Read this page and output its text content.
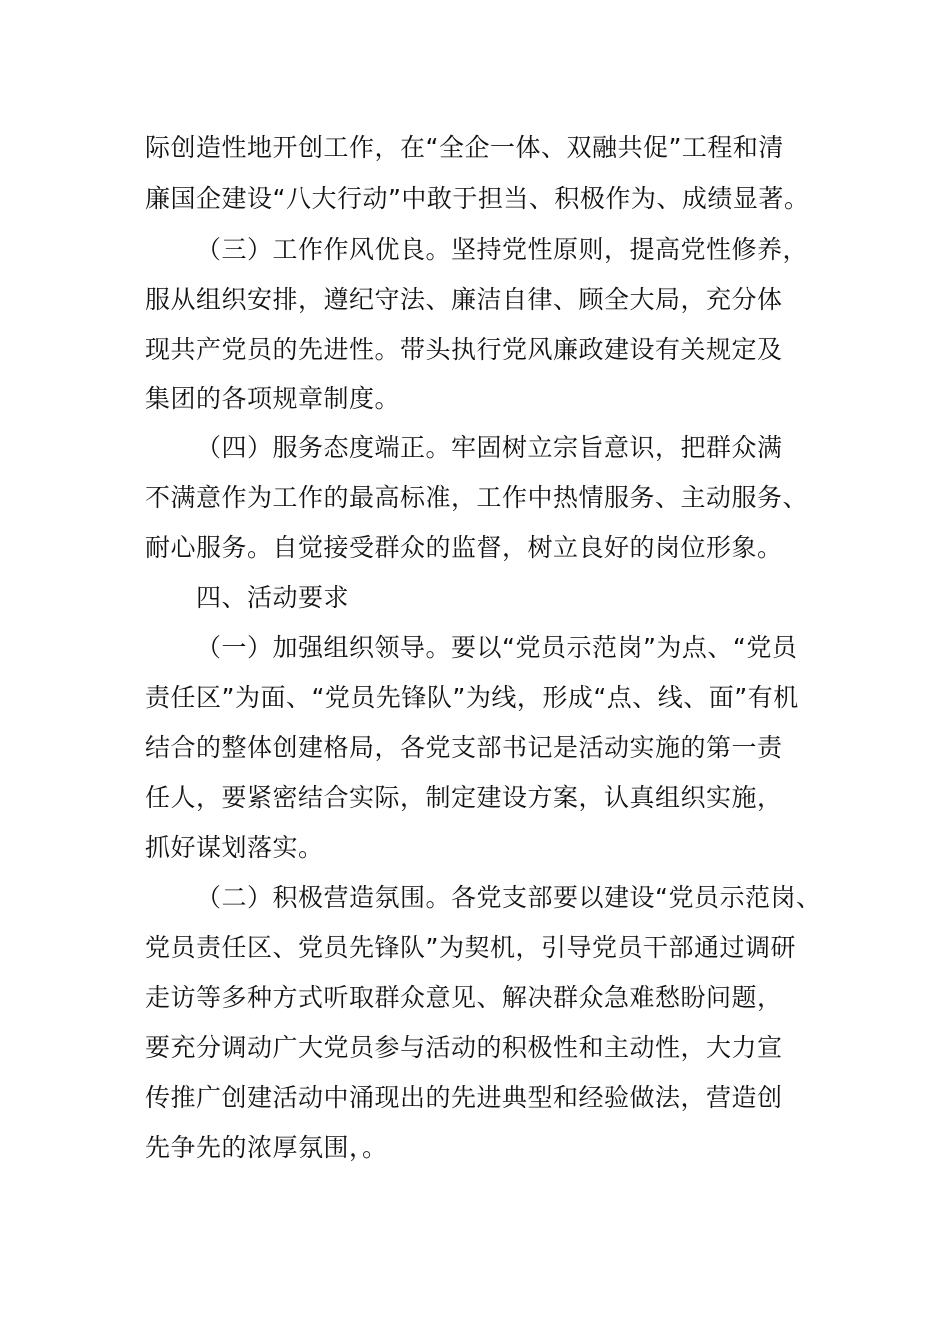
际创造性地开创工作，在“全企一体、双融共促”工程和清
廉国企建设“八大行动”中敢于担当、积极作为、成绩显著。
（三）工作作风优良。坚持党性原则，提高党性修养，
服从组织安排，遵纪守法、廉洁自律、顾全大局，充分体
现共产党员的先进性。带头执行党风廉政建设有关规定及
集团的各项规章制度。
（四）服务态度端正。牢固树立宗旨意识，把群众满
不满意作为工作的最高标准，工作中热情服务、主动服务、
耐心服务。自觉接受群众的监督，树立良好的岗位形象。
四、活动要求
（一）加强组织领导。要以“党员示范岗”为点、“党员
责任区”为面、“党员先锋队”为线，形成“点、线、面”有机
结合的整体创建格局，各党支部书记是活动实施的第一责
任人，要紧密结合实际，制定建设方案，认真组织实施，
抓好谋划落实。
（二）积极营造氛围。各党支部要以建设“党员示范岗、
党员责任区、党员先锋队”为契机，引导党员干部通过调研
走访等多种方式听取群众意见、解决群众急难愁盼问题，
要充分调动广大党员参与活动的积极性和主动性，大力宣
传推广创建活动中涌现出的先进典型和经验做法，营造创
先争先的浓厚氛围，。
